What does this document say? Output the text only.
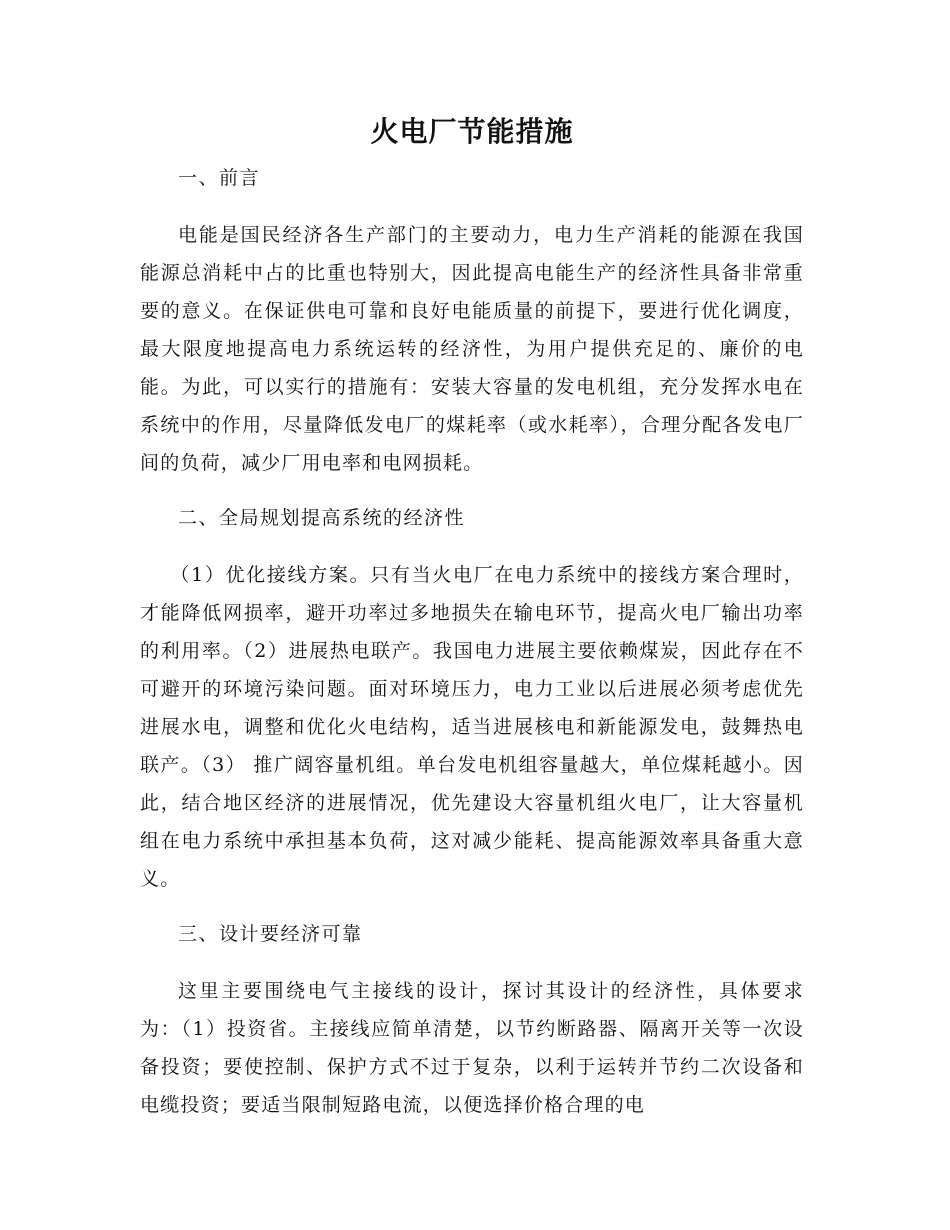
火电厂节能措施
一、前言
电能是国民经济各生产部门的主要动力，电力生产消耗的能源在我国能源总消耗中占的比重也特别大，因此提高电能生产的经济性具备非常重要的意义。在保证供电可靠和良好电能质量的前提下，要进行优化调度，最大限度地提高电力系统运转的经济性，为用户提供充足的、廉价的电能。为此，可以实行的措施有：安装大容量的发电机组，充分发挥水电在系统中的作用，尽量降低发电厂的煤耗率（或水耗率），合理分配各发电厂间的负荷，减少厂用电率和电网损耗。
二、全局规划提高系统的经济性
（1）优化接线方案。只有当火电厂在电力系统中的接线方案合理时，才能降低网损率，避开功率过多地损失在输电环节，提高火电厂输出功率的利用率。（2）进展热电联产。我国电力进展主要依赖煤炭，因此存在不可避开的环境污染问题。面对环境压力，电力工业以后进展必须考虑优先进展水电，调整和优化火电结构，适当进展核电和新能源发电，鼓舞热电联产。（3） 推广阔容量机组。单台发电机组容量越大，单位煤耗越小。因此，结合地区经济的进展情况，优先建设大容量机组火电厂，让大容量机组在电力系统中承担基本负荷，这对减少能耗、提高能源效率具备重大意义。
三、设计要经济可靠
这里主要围绕电气主接线的设计，探讨其设计的经济性，具体要求为：（1）投资省。主接线应简单清楚，以节约断路器、隔离开关等一次设备投资；要使控制、保护方式不过于复杂，以利于运转并节约二次设备和电缆投资；要适当限制短路电流，以便选择价格合理的电
